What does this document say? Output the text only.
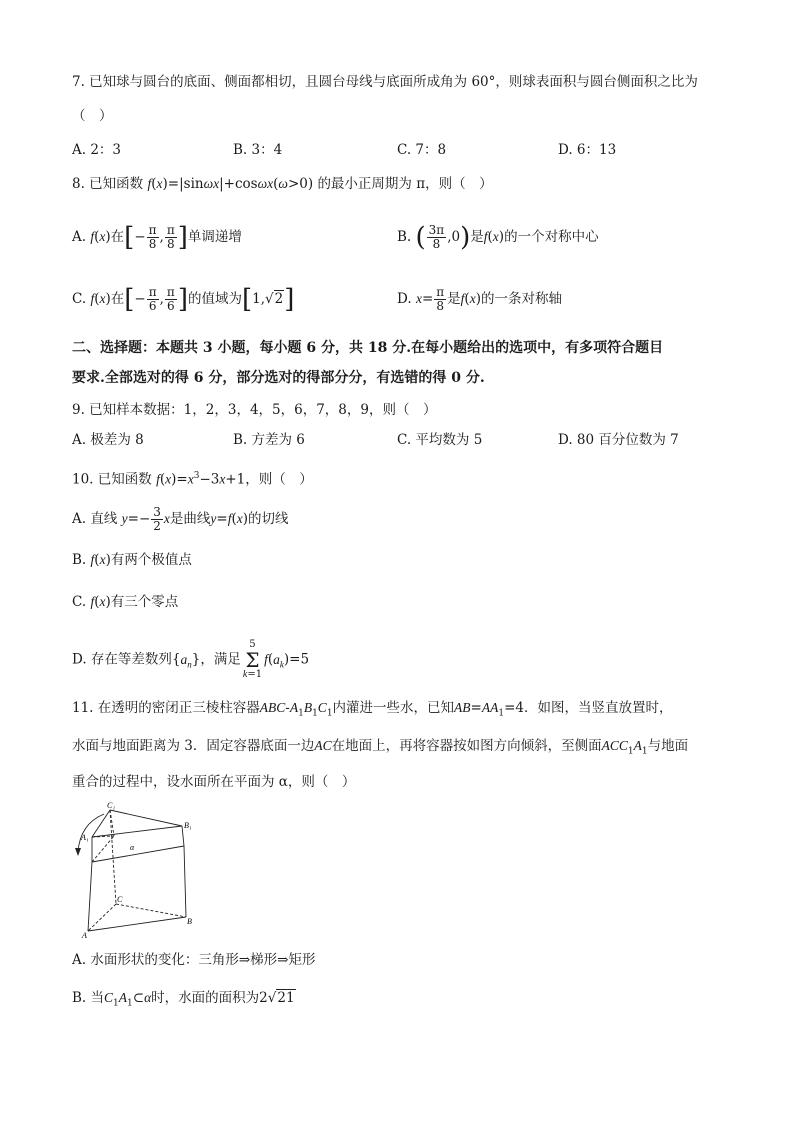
7. 已知球与圆台的底面、侧面都相切，且圆台母线与底面所成角为 60°，则球表面积与圆台侧面积之比为
（　）
A. 2：3	B. 3：4	C. 7：8	D. 6：13
8. 已知函数 f(x)=|sinωx|+cosωx(ω>0) 的最小正周期为 π，则（　）
A. f(x)在[− $\frac{\pi}{8}$ , $\frac{\pi}{8}$ ]单调递增	B. ( $\frac{3\pi}{8} ,0$)是f(x)的一个对称中心
C. f(x)在[− $\frac{\pi}{6}$ , $\frac{\pi}{6}$ ]的值域为[1,√2]	D. $x= \frac{\pi}{8}$ 是f(x)的一条对称轴
二、选择题：本题共 3 小题，每小题 6 分，共 18 分.在每小题给出的选项中，有多项符合题目
要求.全部选对的得 6 分，部分选对的得部分分，有选错的得 0 分.
9. 已知样本数据：1，2，3，4，5，6，7，8，9，则（　）
A. 极差为 8	B. 方差为 6	C. 平均数为 5	D. 80 百分位数为 7
10. 已知函数 $f(x)=x^3-3x+1$，则（　）
A. 直线 $y=- \frac{3}{2}$ x是曲线y=f(x)的切线
B. f(x)有两个极值点
C. f(x)有三个零点
D. 存在等差数列$\{a_n\}$，满足5
Σ
$k=1f(a_k)=5$
11. 在透明的密闭正三棱柱容器ABC-$A_1B_1C_1$内灌进一些水，已知$AB=AA_1=4$．如图，当竖直放置时，
水面与地面距离为 3．固定容器底面一边AC在地面上，再将容器按如图方向倾斜，至侧面$ACC_1A_1$与地面
重合的过程中，设水面所在平面为 α，则（　）
C₁
A₁
B₁
α
C
A
B
A. 水面形状的变化：三角形⇒梯形⇒矩形
B. 当$C_1A_1\subset\alpha$时，水面的面积为2√21
